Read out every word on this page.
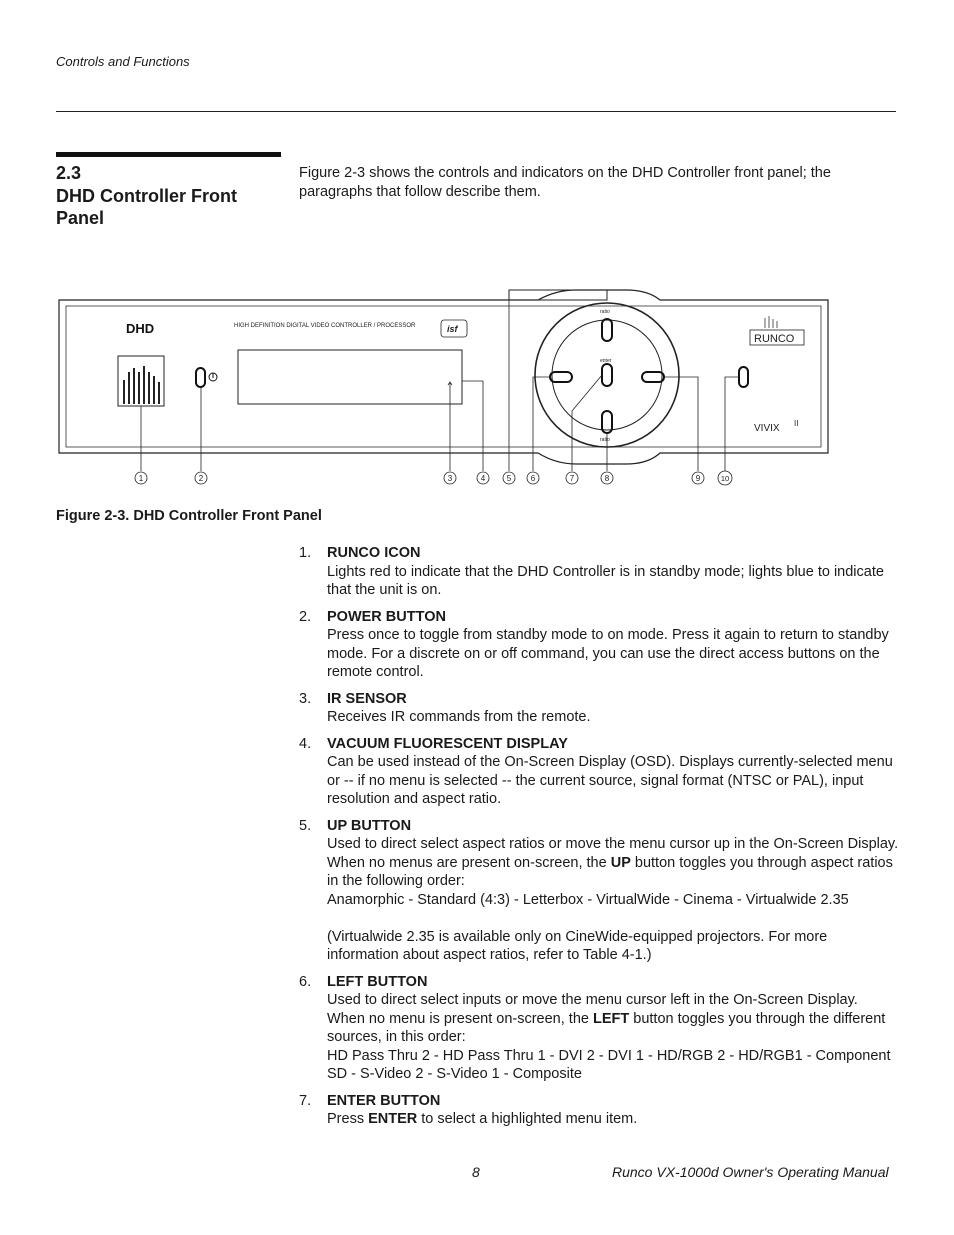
Controls and Functions
2.3
DHD Controller Front Panel
Figure 2-3 shows the controls and indicators on the DHD Controller front panel; the paragraphs that follow describe them.
DHD	HIGH DEFINITION DIGITAL VIDEO CONTROLLER / PROCESSOR	isf
ratio
ratio
enter
RUNCO
VIVIX II
1	2	3	4	5 6	7	8	9	10
Figure 2-3. DHD Controller Front Panel
1. RUNCO ICON
Lights red to indicate that the DHD Controller is in standby mode; lights blue to indicate that the unit is on.
2. POWER BUTTON
Press once to toggle from standby mode to on mode. Press it again to return to standby mode. For a discrete on or off command, you can use the direct access buttons on the remote control.
3. IR SENSOR
Receives IR commands from the remote.
4. VACUUM FLUORESCENT DISPLAY
Can be used instead of the On-Screen Display (OSD). Displays currently-selected menu or -- if no menu is selected -- the current source, signal format (NTSC or PAL), input resolution and aspect ratio.
5. UP BUTTON
Used to direct select aspect ratios or move the menu cursor up in the On-Screen Display. When no menus are present on-screen, the UP button toggles you through aspect ratios in the following order:
Anamorphic - Standard (4:3) - Letterbox - VirtualWide - Cinema - Virtualwide 2.35
(Virtualwide 2.35 is available only on CineWide-equipped projectors. For more information about aspect ratios, refer to Table 4-1.)
6. LEFT BUTTON
Used to direct select inputs or move the menu cursor left in the On-Screen Display. When no menu is present on-screen, the LEFT button toggles you through the different sources, in this order:
HD Pass Thru 2 - HD Pass Thru 1 - DVI 2 - DVI 1 - HD/RGB 2 - HD/RGB1 - Component SD - S-Video 2 - S-Video 1 - Composite
7. ENTER BUTTON
Press ENTER to select a highlighted menu item.
8	Runco VX-1000d Owner's Operating Manual
